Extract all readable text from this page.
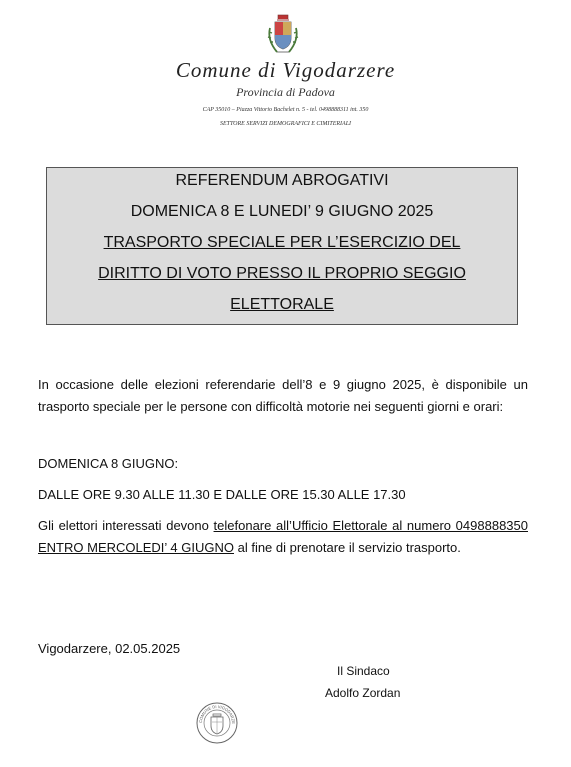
Comune di Vigodarzere
Provincia di Padova
CAP 35010 – Piazza Vittorio Bachelet n. 5 - tel. 0498888311 int. 350
SETTORE SERVIZI DEMOGRAFICI E CIMITERIALI
REFERENDUM ABROGATIVI
DOMENICA 8 E LUNEDI’ 9 GIUGNO 2025
TRASPORTO SPECIALE PER L’ESERCIZIO DEL
DIRITTO DI VOTO PRESSO IL PROPRIO SEGGIO
ELETTORALE
In occasione delle elezioni referendarie dell’8 e 9 giugno 2025, è disponibile un trasporto speciale per le persone con difficoltà motorie nei seguenti giorni e orari:
DOMENICA 8 GIUGNO:
DALLE ORE 9.30 ALLE 11.30 E DALLE ORE 15.30 ALLE 17.30
Gli elettori interessati devono telefonare all’Ufficio Elettorale al numero 0498888350 ENTRO MERCOLEDI’ 4 GIUGNO al fine di prenotare il servizio trasporto.
Vigodarzere, 02.05.2025
Il Sindaco
Adolfo Zordan
COMUNE DI VIGODARZE
